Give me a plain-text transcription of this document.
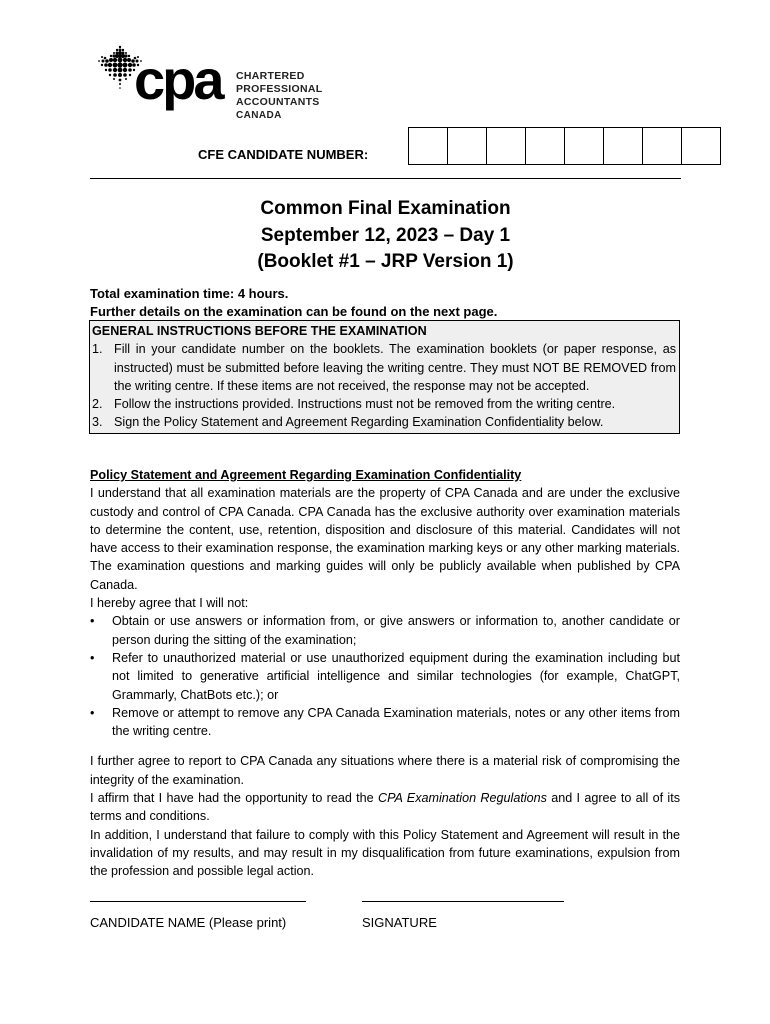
cpa CHARTERED
PROFESSIONAL
ACCOUNTANTS
CANADA
CFE CANDIDATE NUMBER:
Common Final Examination
September 12, 2023 – Day 1
(Booklet #1 – JRP Version 1)
Total examination time: 4 hours.
Further details on the examination can be found on the next page.
GENERAL INSTRUCTIONS BEFORE THE EXAMINATION
1. Fill in your candidate number on the booklets. The examination booklets (or paper response, as instructed) must be submitted before leaving the writing centre. They must NOT BE REMOVED from the writing centre. If these items are not received, the response may not be accepted.
2. Follow the instructions provided. Instructions must not be removed from the writing centre.
3. Sign the Policy Statement and Agreement Regarding Examination Confidentiality below.
Policy Statement and Agreement Regarding Examination Confidentiality
I understand that all examination materials are the property of CPA Canada and are under the exclusive custody and control of CPA Canada. CPA Canada has the exclusive authority over examination materials to determine the content, use, retention, disposition and disclosure of this material. Candidates will not have access to their examination response, the examination marking keys or any other marking materials. The examination questions and marking guides will only be publicly available when published by CPA Canada.
I hereby agree that I will not:
•	Obtain or use answers or information from, or give answers or information to, another candidate or person during the sitting of the examination;
•	Refer to unauthorized material or use unauthorized equipment during the examination including but not limited to generative artificial intelligence and similar technologies (for example, ChatGPT, Grammarly, ChatBots etc.); or
•	Remove or attempt to remove any CPA Canada Examination materials, notes or any other items from the writing centre.
I further agree to report to CPA Canada any situations where there is a material risk of compromising the integrity of the examination.
I affirm that I have had the opportunity to read the CPA Examination Regulations and I agree to all of its terms and conditions.
In addition, I understand that failure to comply with this Policy Statement and Agreement will result in the invalidation of my results, and may result in my disqualification from future examinations, expulsion from the profession and possible legal action.
CANDIDATE NAME (Please print)	SIGNATURE
